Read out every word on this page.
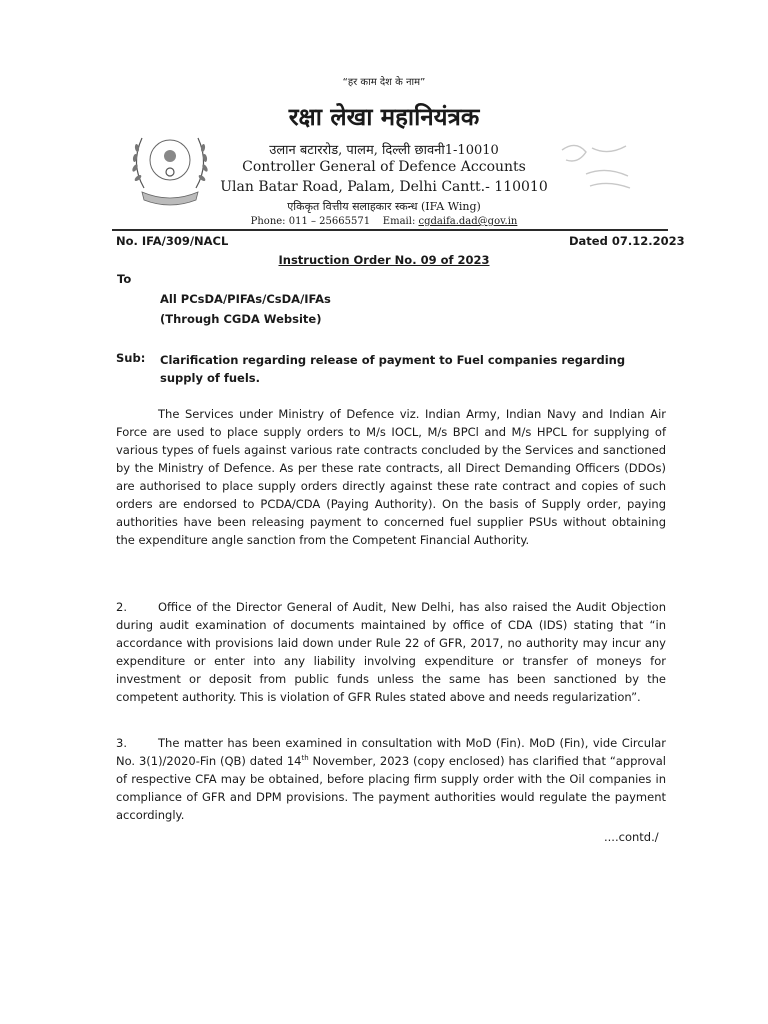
“हर काम देश के नाम”
रक्षा लेखा महानियंत्रक
उलान बटाररोड, पालम, दिल्ली छावनी1-10010
Controller General of Defence Accounts
Ulan Batar Road, Palam, Delhi Cantt.- 110010
एकिकृत वित्तीय सलाहकार स्कन्ध (IFA Wing)
Phone: 011 – 25665571 Email: cgdaifa.dad@gov.in
No. IFA/309/NACL	Dated 07.12.2023
Instruction Order No. 09 of 2023
To
All PCsDA/PIFAs/CsDA/IFAs
(Through CGDA Website)
Sub: Clarification regarding release of payment to Fuel companies regarding supply of fuels.
The Services under Ministry of Defence viz. Indian Army, Indian Navy and Indian Air Force are used to place supply orders to M/s IOCL, M/s BPCl and M/s HPCL for supplying of various types of fuels against various rate contracts concluded by the Services and sanctioned by the Ministry of Defence. As per these rate contracts, all Direct Demanding Officers (DDOs) are authorised to place supply orders directly against these rate contract and copies of such orders are endorsed to PCDA/CDA (Paying Authority). On the basis of Supply order, paying authorities have been releasing payment to concerned fuel supplier PSUs without obtaining the expenditure angle sanction from the Competent Financial Authority.
2.	Office of the Director General of Audit, New Delhi, has also raised the Audit Objection during audit examination of documents maintained by office of CDA (IDS) stating that “in accordance with provisions laid down under Rule 22 of GFR, 2017, no authority may incur any expenditure or enter into any liability involving expenditure or transfer of moneys for investment or deposit from public funds unless the same has been sanctioned by the competent authority. This is violation of GFR Rules stated above and needs regularization”.
3.	The matter has been examined in consultation with MoD (Fin). MoD (Fin), vide Circular No. 3(1)/2020-Fin (QB) dated 14th November, 2023 (copy enclosed) has clarified that “approval of respective CFA may be obtained, before placing firm supply order with the Oil companies in compliance of GFR and DPM provisions. The payment authorities would regulate the payment accordingly.
....contd./
